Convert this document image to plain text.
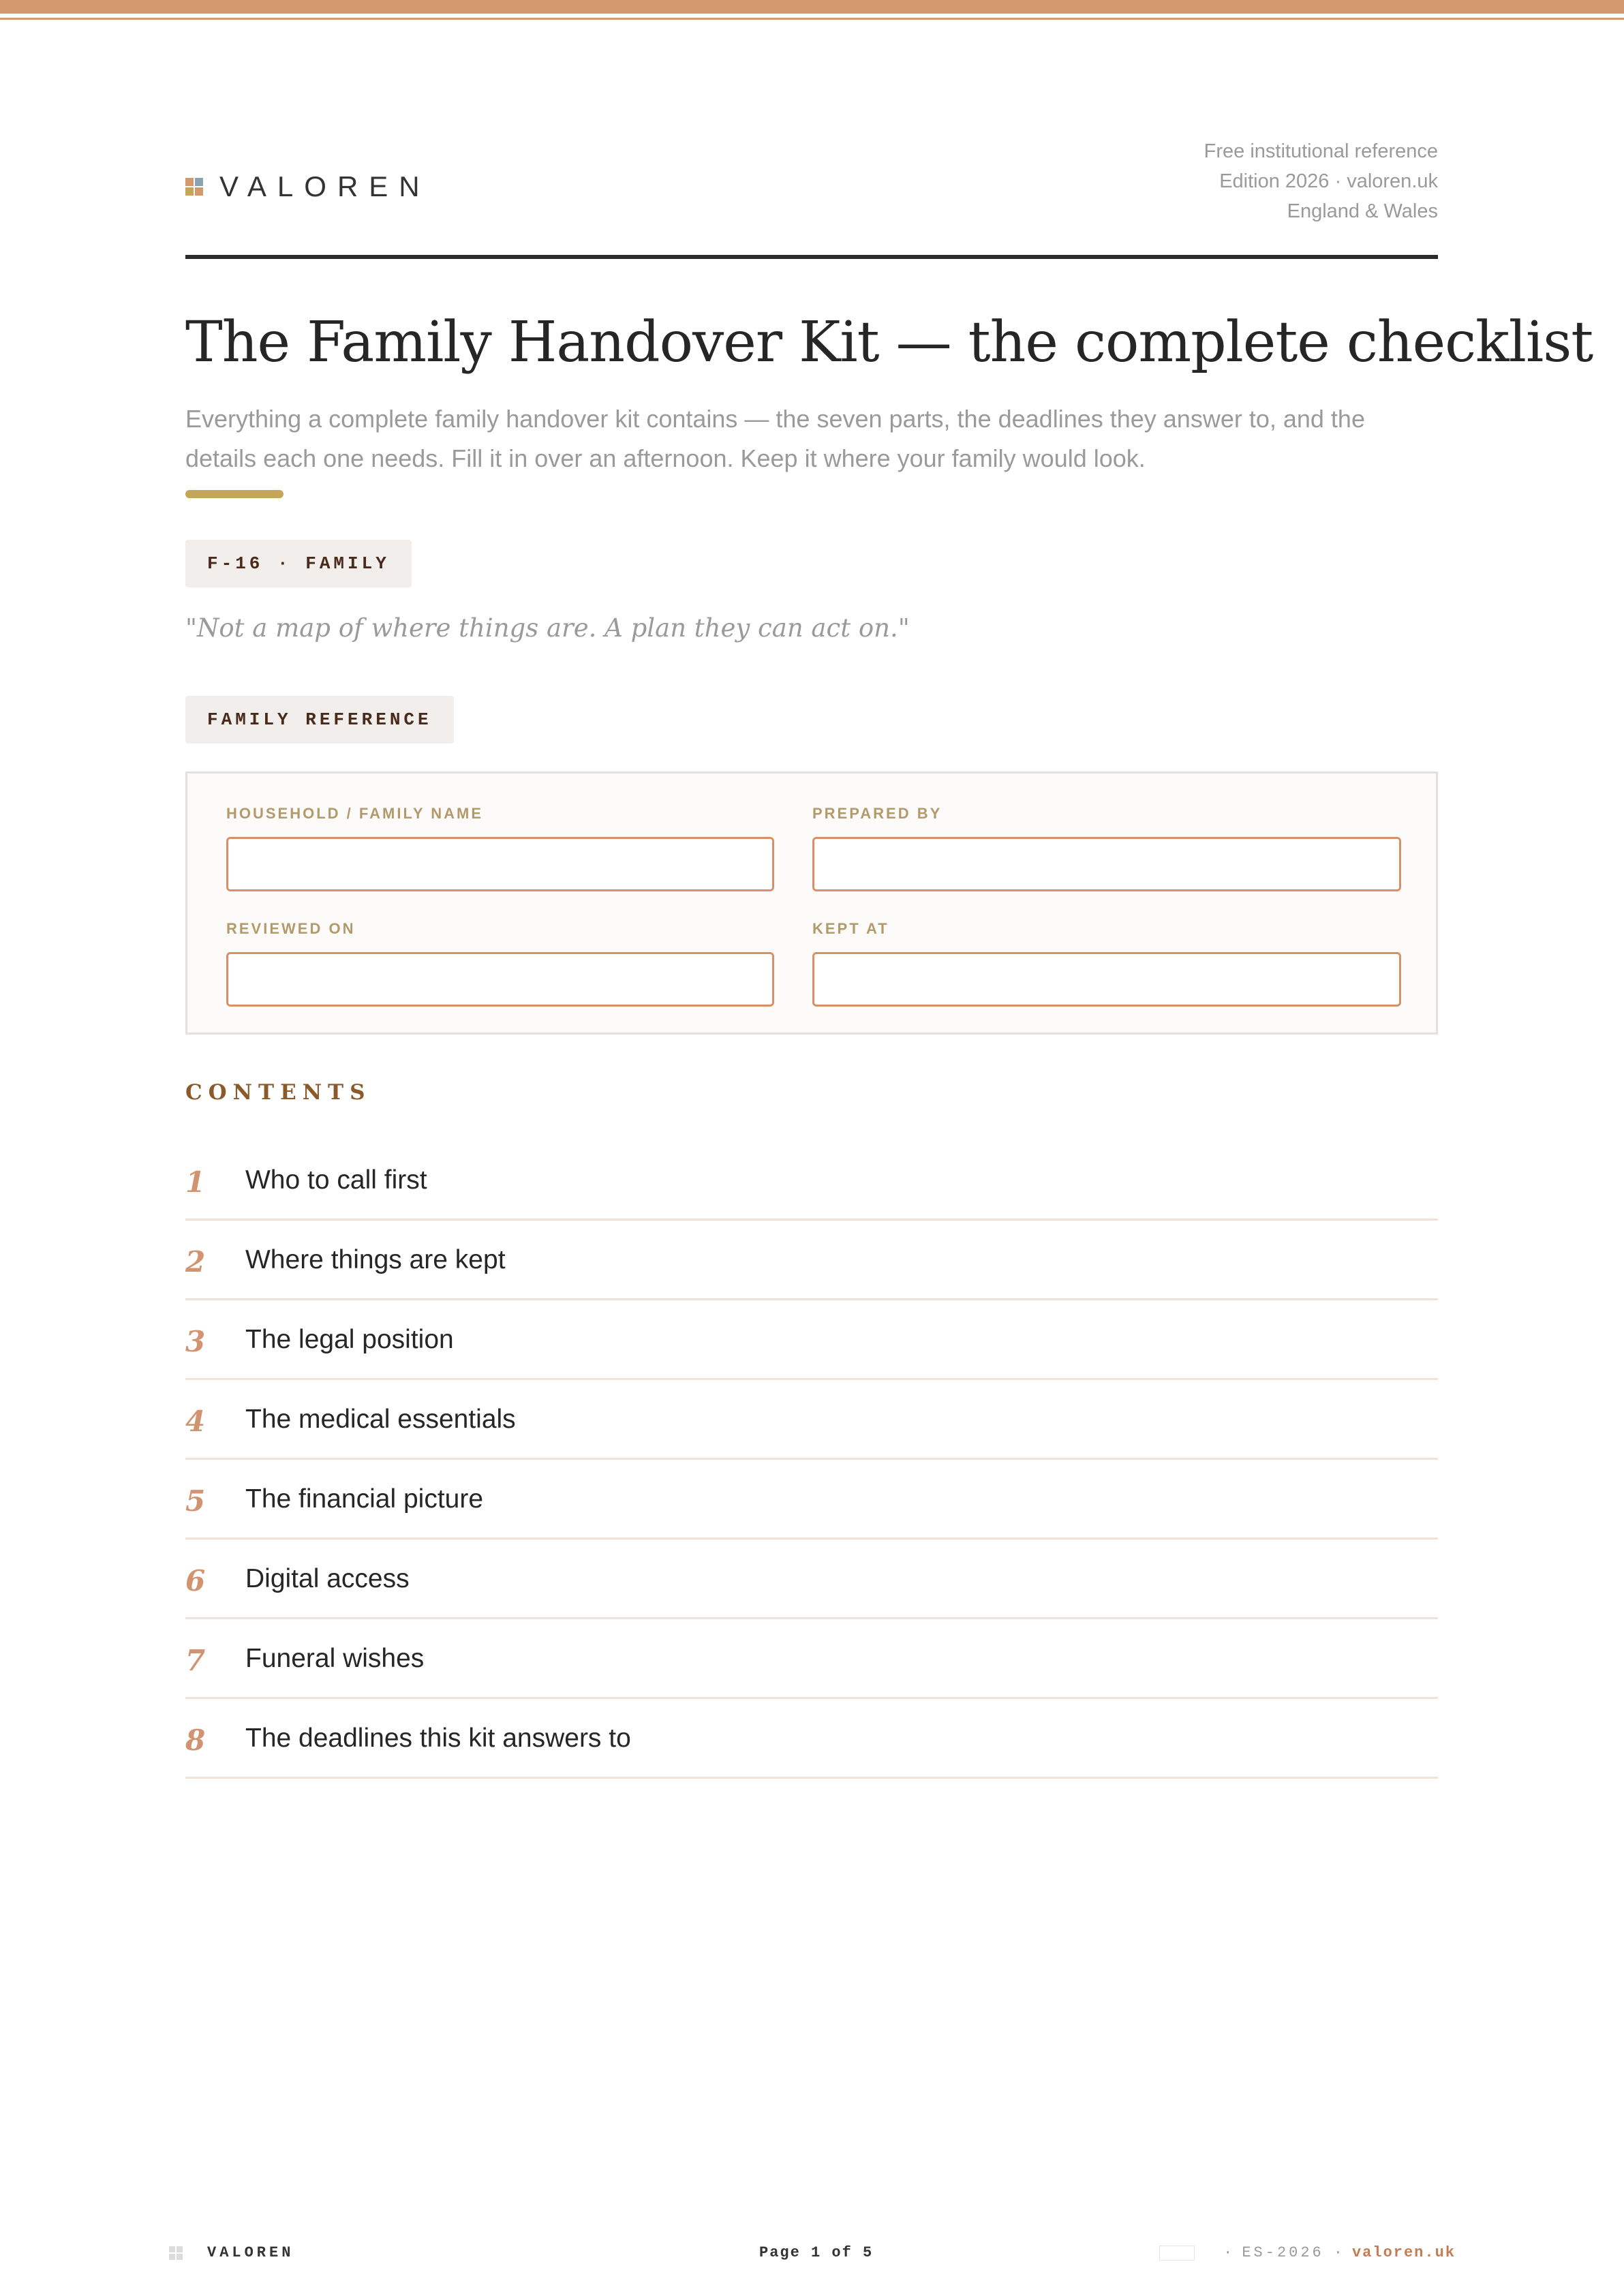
VALOREN
Free institutional reference
Edition 2026 · valoren.uk
England & Wales
The Family Handover Kit — the complete checklist

Everything a complete family handover kit contains — the seven parts, the deadlines they answer to, and the details each one needs. Fill it in over an afternoon. Keep it where your family would look.

F-16 · FAMILY
"Not a map of where things are. A plan they can act on."
FAMILY REFERENCE
HOUSEHOLD / FAMILY NAME	PREPARED BY
REVIEWED ON	KEPT AT
CONTENTS
1	Who to call first
2	Where things are kept
3	The legal position
4	The medical essentials
5	The financial picture
6	Digital access
7	Funeral wishes
8	The deadlines this kit answers to
VALOREN	Page 1 of 5	· ES-2026 · valoren.uk
